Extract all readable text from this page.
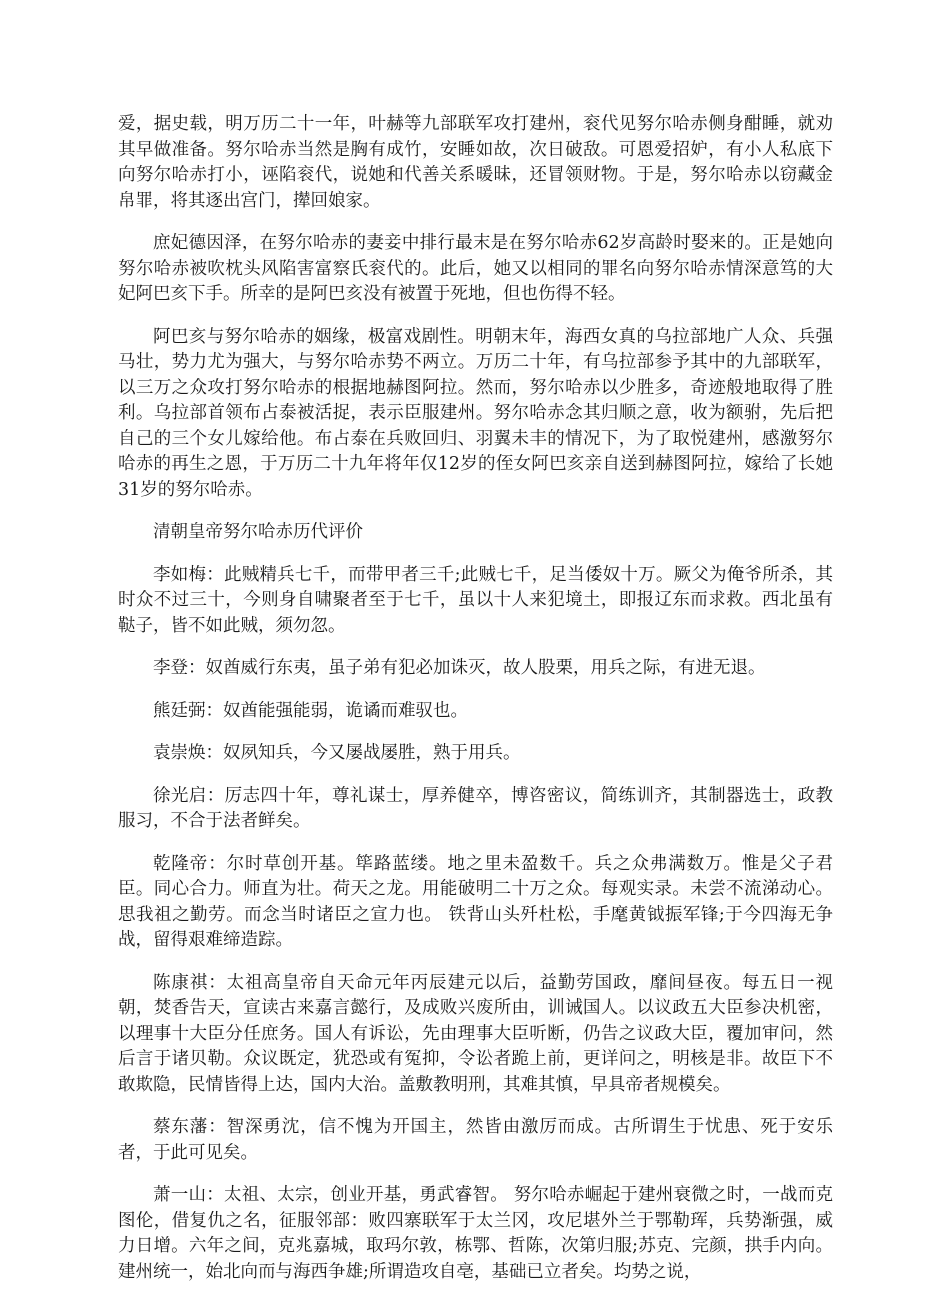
爱，据史载，明万历二十一年，叶赫等九部联军攻打建州，衮代见努尔哈赤侧身酣睡，就劝其早做准备。努尔哈赤当然是胸有成竹，安睡如故，次日破敌。可恩爱招妒，有小人私底下向努尔哈赤打小，诬陷衮代，说她和代善关系暖昧，还冒领财物。于是，努尔哈赤以窃藏金帛罪，将其逐出宫门，撵回娘家。

庶妃德因泽，在努尔哈赤的妻妾中排行最末是在努尔哈赤62岁高龄时娶来的。正是她向努尔哈赤被吹枕头风陷害富察氏衮代的。此后，她又以相同的罪名向努尔哈赤情深意笃的大妃阿巴亥下手。所幸的是阿巴亥没有被置于死地，但也伤得不轻。

阿巴亥与努尔哈赤的姻缘，极富戏剧性。明朝末年，海西女真的乌拉部地广人众、兵强马壮，势力尤为强大，与努尔哈赤势不两立。万历二十年，有乌拉部参予其中的九部联军，以三万之众攻打努尔哈赤的根据地赫图阿拉。然而，努尔哈赤以少胜多，奇迹般地取得了胜利。乌拉部首领布占泰被活捉，表示臣服建州。努尔哈赤念其归顺之意，收为额驸，先后把自己的三个女儿嫁给他。布占泰在兵败回归、羽翼未丰的情况下，为了取悦建州，感激努尔哈赤的再生之恩，于万历二十九年将年仅12岁的侄女阿巴亥亲自送到赫图阿拉，嫁给了长她31岁的努尔哈赤。

清朝皇帝努尔哈赤历代评价

李如梅：此贼精兵七千，而带甲者三千;此贼七千，足当倭奴十万。厥父为俺爷所杀，其时众不过三十，今则身自啸聚者至于七千，虽以十人来犯境土，即报辽东而求救。西北虽有鞑子，皆不如此贼，须勿忽。

李登：奴酋威行东夷，虽子弟有犯必加诛灭，故人股栗，用兵之际，有进无退。

熊廷弼：奴酋能强能弱，诡谲而难驭也。

袁崇焕：奴夙知兵，今又屡战屡胜，熟于用兵。

徐光启：厉志四十年，尊礼谋士，厚养健卒，博咨密议，简练训齐，其制器选士，政教服习，不合于法者鲜矣。

乾隆帝：尔时草创开基。筚路蓝缕。地之里未盈数千。兵之众弗满数万。惟是父子君臣。同心合力。师直为壮。荷天之龙。用能破明二十万之众。每观实录。未尝不流涕动心。思我祖之勤劳。而念当时诸臣之宣力也。 铁背山头歼杜松，手麾黄钺振军锋;于今四海无争战，留得艰难缔造踪。

陈康祺：太祖高皇帝自天命元年丙辰建元以后，益勤劳国政，靡间昼夜。每五日一视朝，焚香告天，宣读古来嘉言懿行，及成败兴废所由，训诫国人。以议政五大臣参决机密，以理事十大臣分任庶务。国人有诉讼，先由理事大臣听断，仍告之议政大臣，覆加审问，然后言于诸贝勒。众议既定，犹恐或有冤抑，令讼者跪上前，更详问之，明核是非。故臣下不敢欺隐，民情皆得上达，国内大治。盖敷教明刑，其难其慎，早具帝者规模矣。

蔡东藩：智深勇沈，信不愧为开国主，然皆由激厉而成。古所谓生于忧患、死于安乐者，于此可见矣。

萧一山：太祖、太宗，创业开基，勇武睿智。 努尔哈赤崛起于建州衰微之时，一战而克图伦，借复仇之名，征服邻部：败四寨联军于太兰冈，攻尼堪外兰于鄂勒珲，兵势渐强，威力日增。六年之间，克兆嘉城，取玛尔敦，栋鄂、哲陈，次第归服;苏克、完颜，拱手内向。建州统一，始北向而与海西争雄;所谓造攻自亳，基础已立者矣。均势之说，
